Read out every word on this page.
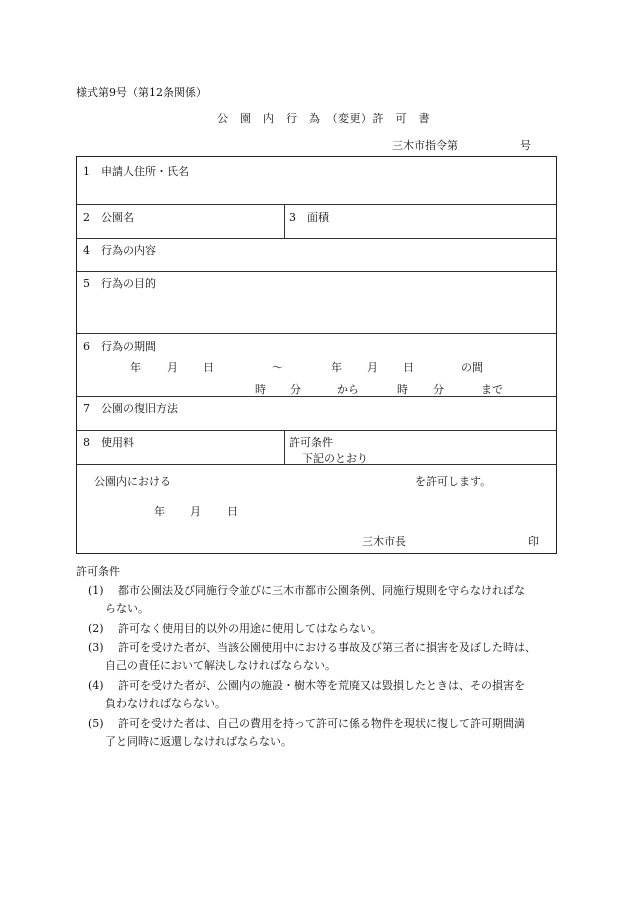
様式第9号（第12条関係）
公　園　内　行　為　（変更）許　可　書
三木市指令第	号
1　申請人住所・氏名
2　公園名	3　面積
4　行為の内容
5　行為の目的
6　行為の期間
年 月 日	～	年 月 日	の間
時 分	から	時 分	まで
7　公園の復旧方法
8　使用料	許可条件
下記のとおり
公園内における	を許可します。
年 月 日
三木市長	印
許可条件
(1) 都市公園法及び同施行令並びに三木市都市公園条例、同施行規則を守らなければな
らない。
(2) 許可なく使用目的以外の用途に使用してはならない。
(3) 許可を受けた者が、当該公園使用中における事故及び第三者に損害を及ぼした時は、
自己の責任において解決しなければならない。
(4) 許可を受けた者が、公園内の施設・樹木等を荒廃又は毀損したときは、その損害を
負わなければならない。
(5) 許可を受けた者は、自己の費用を持って許可に係る物件を現状に復して許可期間満
了と同時に返還しなければならない。
